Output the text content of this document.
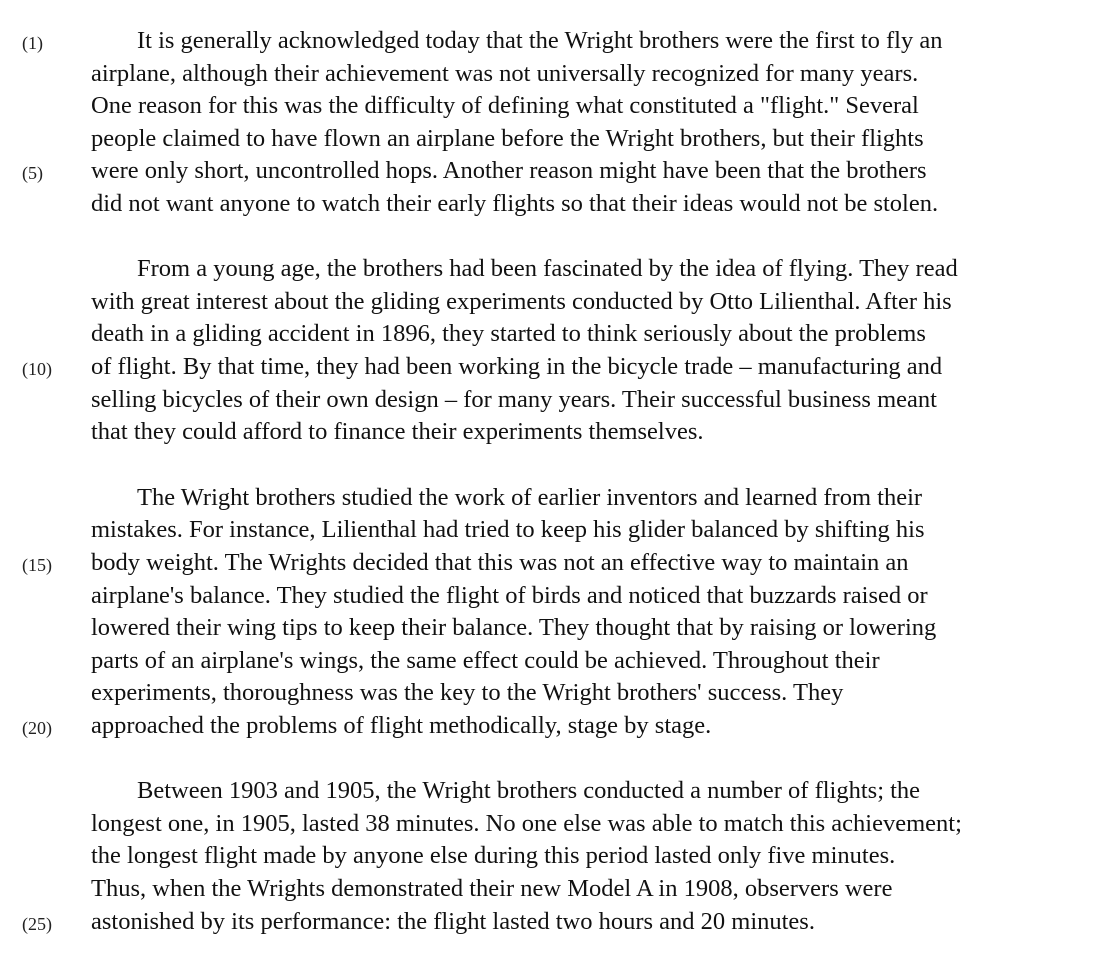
(1)
(5)
(10)
(15)
(20)
(25)
It is generally acknowledged today that the Wright brothers were the first to fly an
airplane, although their achievement was not universally recognized for many years.
One reason for this was the difficulty of defining what constituted a "flight." Several
people claimed to have flown an airplane before the Wright brothers, but their flights
were only short, uncontrolled hops. Another reason might have been that the brothers
did not want anyone to watch their early flights so that their ideas would not be stolen.
From a young age, the brothers had been fascinated by the idea of flying. They read
with great interest about the gliding experiments conducted by Otto Lilienthal. After his
death in a gliding accident in 1896, they started to think seriously about the problems
of flight. By that time, they had been working in the bicycle trade – manufacturing and
selling bicycles of their own design – for many years. Their successful business meant
that they could afford to finance their experiments themselves.
The Wright brothers studied the work of earlier inventors and learned from their
mistakes. For instance, Lilienthal had tried to keep his glider balanced by shifting his
body weight. The Wrights decided that this was not an effective way to maintain an
airplane's balance. They studied the flight of birds and noticed that buzzards raised or
lowered their wing tips to keep their balance. They thought that by raising or lowering
parts of an airplane's wings, the same effect could be achieved. Throughout their
experiments, thoroughness was the key to the Wright brothers' success. They
approached the problems of flight methodically, stage by stage.
Between 1903 and 1905, the Wright brothers conducted a number of flights; the
longest one, in 1905, lasted 38 minutes. No one else was able to match this achievement;
the longest flight made by anyone else during this period lasted only five minutes.
Thus, when the Wrights demonstrated their new Model A in 1908, observers were
astonished by its performance: the flight lasted two hours and 20 minutes.
